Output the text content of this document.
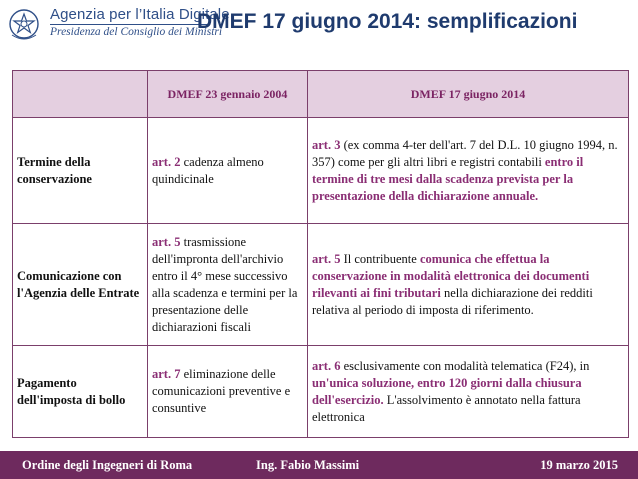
Agenzia per l’Italia Digitale
Presidenza del Consiglio dei Ministri
DMEF 17 giugno 2014: semplificazioni
	DMEF 23 gennaio 2004	DMEF 17 giugno 2014
Termine della conservazione	art. 2 cadenza almeno quindicinale	art. 3 (ex comma 4-ter dell'art. 7 del D.L. 10 giugno 1994, n. 357) come per gli altri libri e registri contabili entro il termine di tre mesi dalla scadenza prevista per la presentazione della dichiarazione annuale.
Comunicazione con l'Agenzia delle Entrate	art. 5 trasmissione dell'impronta dell'archivio entro il 4° mese successivo alla scadenza e termini per la presentazione delle dichiarazioni fiscali	art. 5 Il contribuente comunica che effettua la conservazione in modalità elettronica dei documenti rilevanti ai fini tributari nella dichiarazione dei redditi relativa al periodo di imposta di riferimento.
Pagamento dell'imposta di bollo	art. 7 eliminazione delle comunicazioni preventive e consuntive	art. 6 esclusivamente con modalità telematica (F24), in un'unica soluzione, entro 120 giorni dalla chiusura dell'esercizio. L'assolvimento è annotato nella fattura elettronica
Ordine degli Ingegneri di Roma	Ing. Fabio Massimi	19 marzo 2015
